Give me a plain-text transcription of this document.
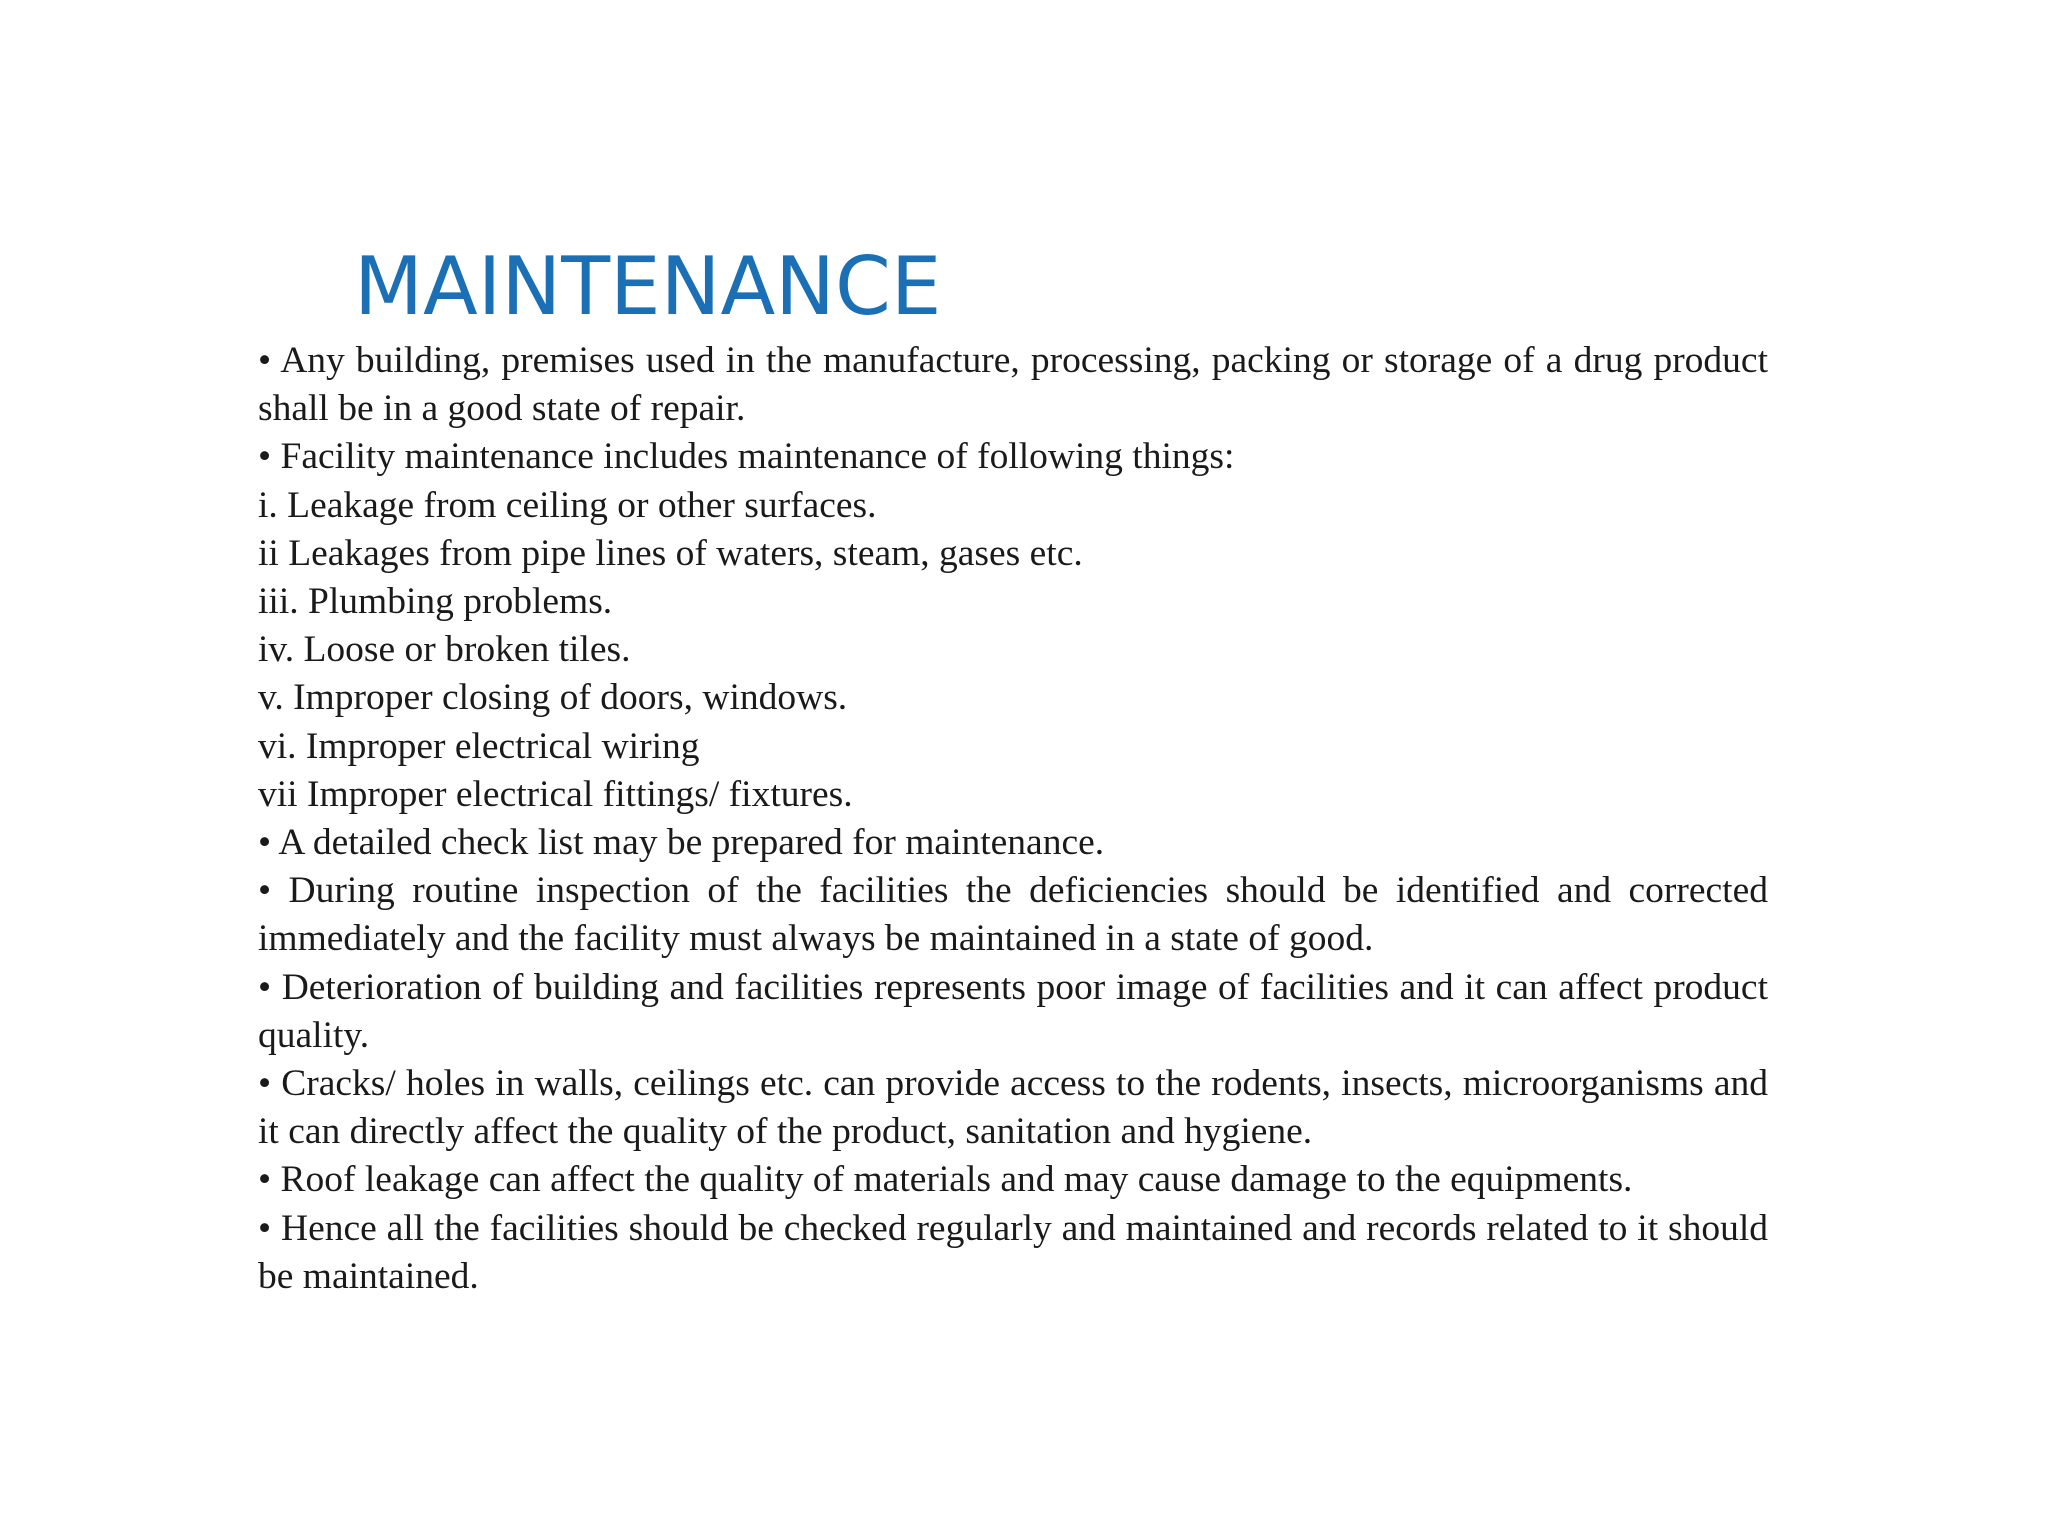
MAINTENANCE

• Any building, premises used in the manufacture, processing, packing or storage of a drug product shall be in a good state of repair.

• Facility maintenance includes maintenance of following things:

i. Leakage from ceiling or other surfaces.

ii Leakages from pipe lines of waters, steam, gases etc.

iii. Plumbing problems.

iv. Loose or broken tiles.

v. Improper closing of doors, windows.

vi. Improper electrical wiring

vii Improper electrical fittings/ fixtures.

• A detailed check list may be prepared for maintenance.

• During routine inspection of the facilities the deficiencies should be identified and corrected immediately and the facility must always be maintained in a state of good.

• Deterioration of building and facilities represents poor image of facilities and it can affect product quality.

• Cracks/ holes in walls, ceilings etc. can provide access to the rodents, insects, microorganisms and it can directly affect the quality of the product, sanitation and hygiene.

• Roof leakage can affect the quality of materials and may cause damage to the equipments.

• Hence all the facilities should be checked regularly and maintained and records related to it should be maintained.
